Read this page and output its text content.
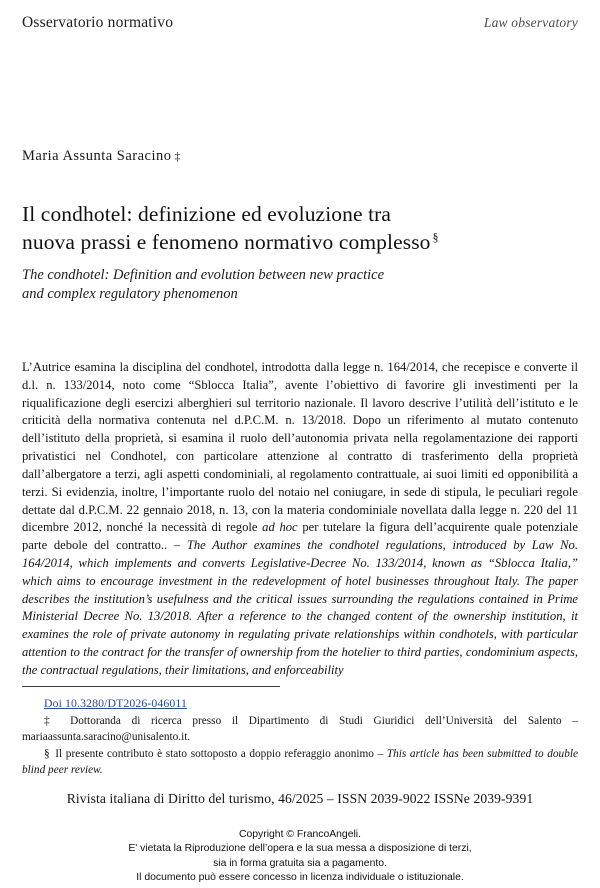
Osservatorio normativo	Law observatory
Maria Assunta Saracino ‡
Il condhotel: definizione ed evoluzione tra
nuova prassi e fenomeno normativo complesso §

The condhotel: Definition and evolution between new practice
and complex regulatory phenomenon

L’Autrice esamina la disciplina del condhotel, introdotta dalla legge n. 164/2014, che recepisce e converte il d.l. n. 133/2014, noto come “Sblocca Italia”, avente l’obiettivo di favorire gli investimenti per la riqualificazione degli esercizi alberghieri sul territorio nazionale. Il lavoro descrive l’utilità dell’istituto e le criticità della normativa contenuta nel d.P.C.M. n. 13/2018. Dopo un riferimento al mutato contenuto dell’istituto della proprietà, si esamina il ruolo dell’autonomia privata nella regolamentazione dei rapporti privatistici nel Condhotel, con particolare attenzione al contratto di trasferimento della proprietà dall’albergatore a terzi, agli aspetti condominiali, al regolamento contrattuale, ai suoi limiti ed opponibilità a terzi. Si evidenzia, inoltre, l’importante ruolo del notaio nel coniugare, in sede di stipula, le peculiari regole dettate dal d.P.C.M. 22 gennaio 2018, n. 13, con la materia condominiale novellata dalla legge n. 220 del 11 dicembre 2012, nonché la necessità di regole ad hoc per tutelare la figura dell’acquirente quale potenziale parte debole del contratto.. – The Author examines the condhotel regulations, introduced by Law No. 164/2014, which implements and converts Legislative-Decree No. 133/2014, known as “Sblocca Italia,” which aims to encourage investment in the redevelopment of hotel businesses throughout Italy. The paper describes the institution’s usefulness and the critical issues surrounding the regulations contained in Prime Ministerial Decree No. 13/2018. After a reference to the changed content of the ownership institution, it examines the role of private autonomy in regulating private relationships within condhotels, with particular attention to the contract for the transfer of ownership from the hotelier to third parties, condominium aspects, the contractual regulations, their limitations, and enforceability
Doi 10.3280/DT2026-046011
‡ Dottoranda di ricerca presso il Dipartimento di Studi Giuridici dell’Università del Salento – mariaassunta.saracino@unisalento.it.
§ Il presente contributo è stato sottoposto a doppio referaggio anonimo – This article has been submitted to double blind peer review.
Rivista italiana di Diritto del turismo, 46/2025 – ISSN 2039-9022 ISSNe 2039-9391
Copyright © FrancoAngeli.
E' vietata la Riproduzione dell’opera e la sua messa a disposizione di terzi,
sia in forma gratuita sia a pagamento.
Il documento può essere concesso in licenza individuale o istituzionale.
